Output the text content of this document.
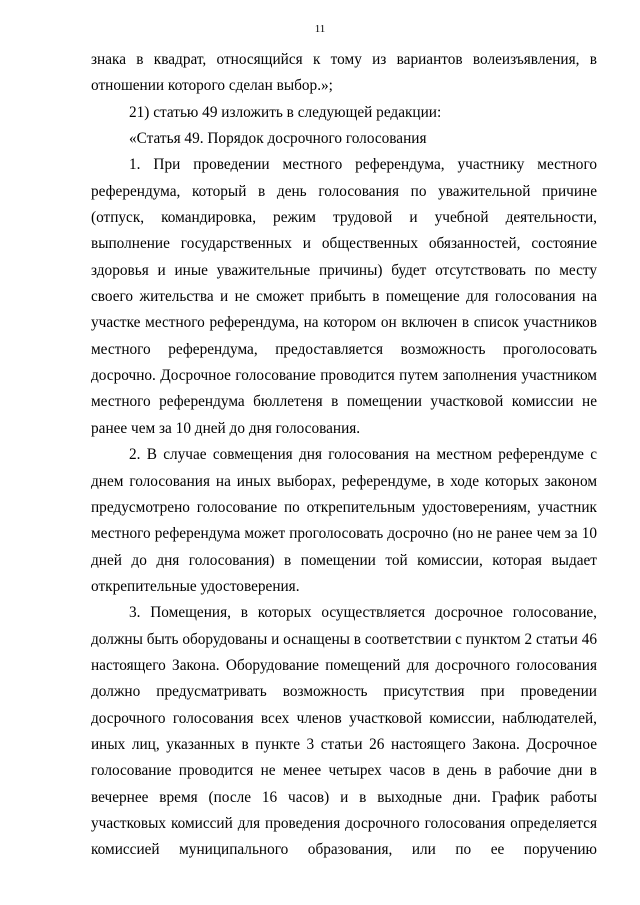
11

знака в квадрат, относящийся к тому из вариантов волеизъявления, в отношении которого сделан выбор.»;

21) статью 49 изложить в следующей редакции:

«Статья 49. Порядок досрочного голосования

1. При проведении местного референдума, участнику местного референдума, который в день голосования по уважительной причине (отпуск, командировка, режим трудовой и учебной деятельности, выполнение государственных и общественных обязанностей, состояние здоровья и иные уважительные причины) будет отсутствовать по месту своего жительства и не сможет прибыть в помещение для голосования на участке местного референдума, на котором он включен в список участников местного референдума, предоставляется возможность проголосовать досрочно. Досрочное голосование проводится путем заполнения участником местного референдума бюллетеня в помещении участковой комиссии не ранее чем за 10 дней до дня голосования.

2. В случае совмещения дня голосования на местном референдуме с днем голосования на иных выборах, референдуме, в ходе которых законом предусмотрено голосование по открепительным удостоверениям, участник местного референдума может проголосовать досрочно (но не ранее чем за 10 дней до дня голосования) в помещении той комиссии, которая выдает открепительные удостоверения.

3. Помещения, в которых осуществляется досрочное голосование, должны быть оборудованы и оснащены в соответствии с пунктом 2 статьи 46 настоящего Закона. Оборудование помещений для досрочного голосования должно предусматривать возможность присутствия при проведении досрочного голосования всех членов участковой комиссии, наблюдателей, иных лиц, указанных в пункте 3 статьи 26 настоящего Закона. Досрочное голосование проводится не менее четырех часов в день в рабочие дни в вечернее время (после 16 часов) и в выходные дни. График работы участковых комиссий для проведения досрочного голосования определяется комиссией муниципального образования, или по ее поручению
